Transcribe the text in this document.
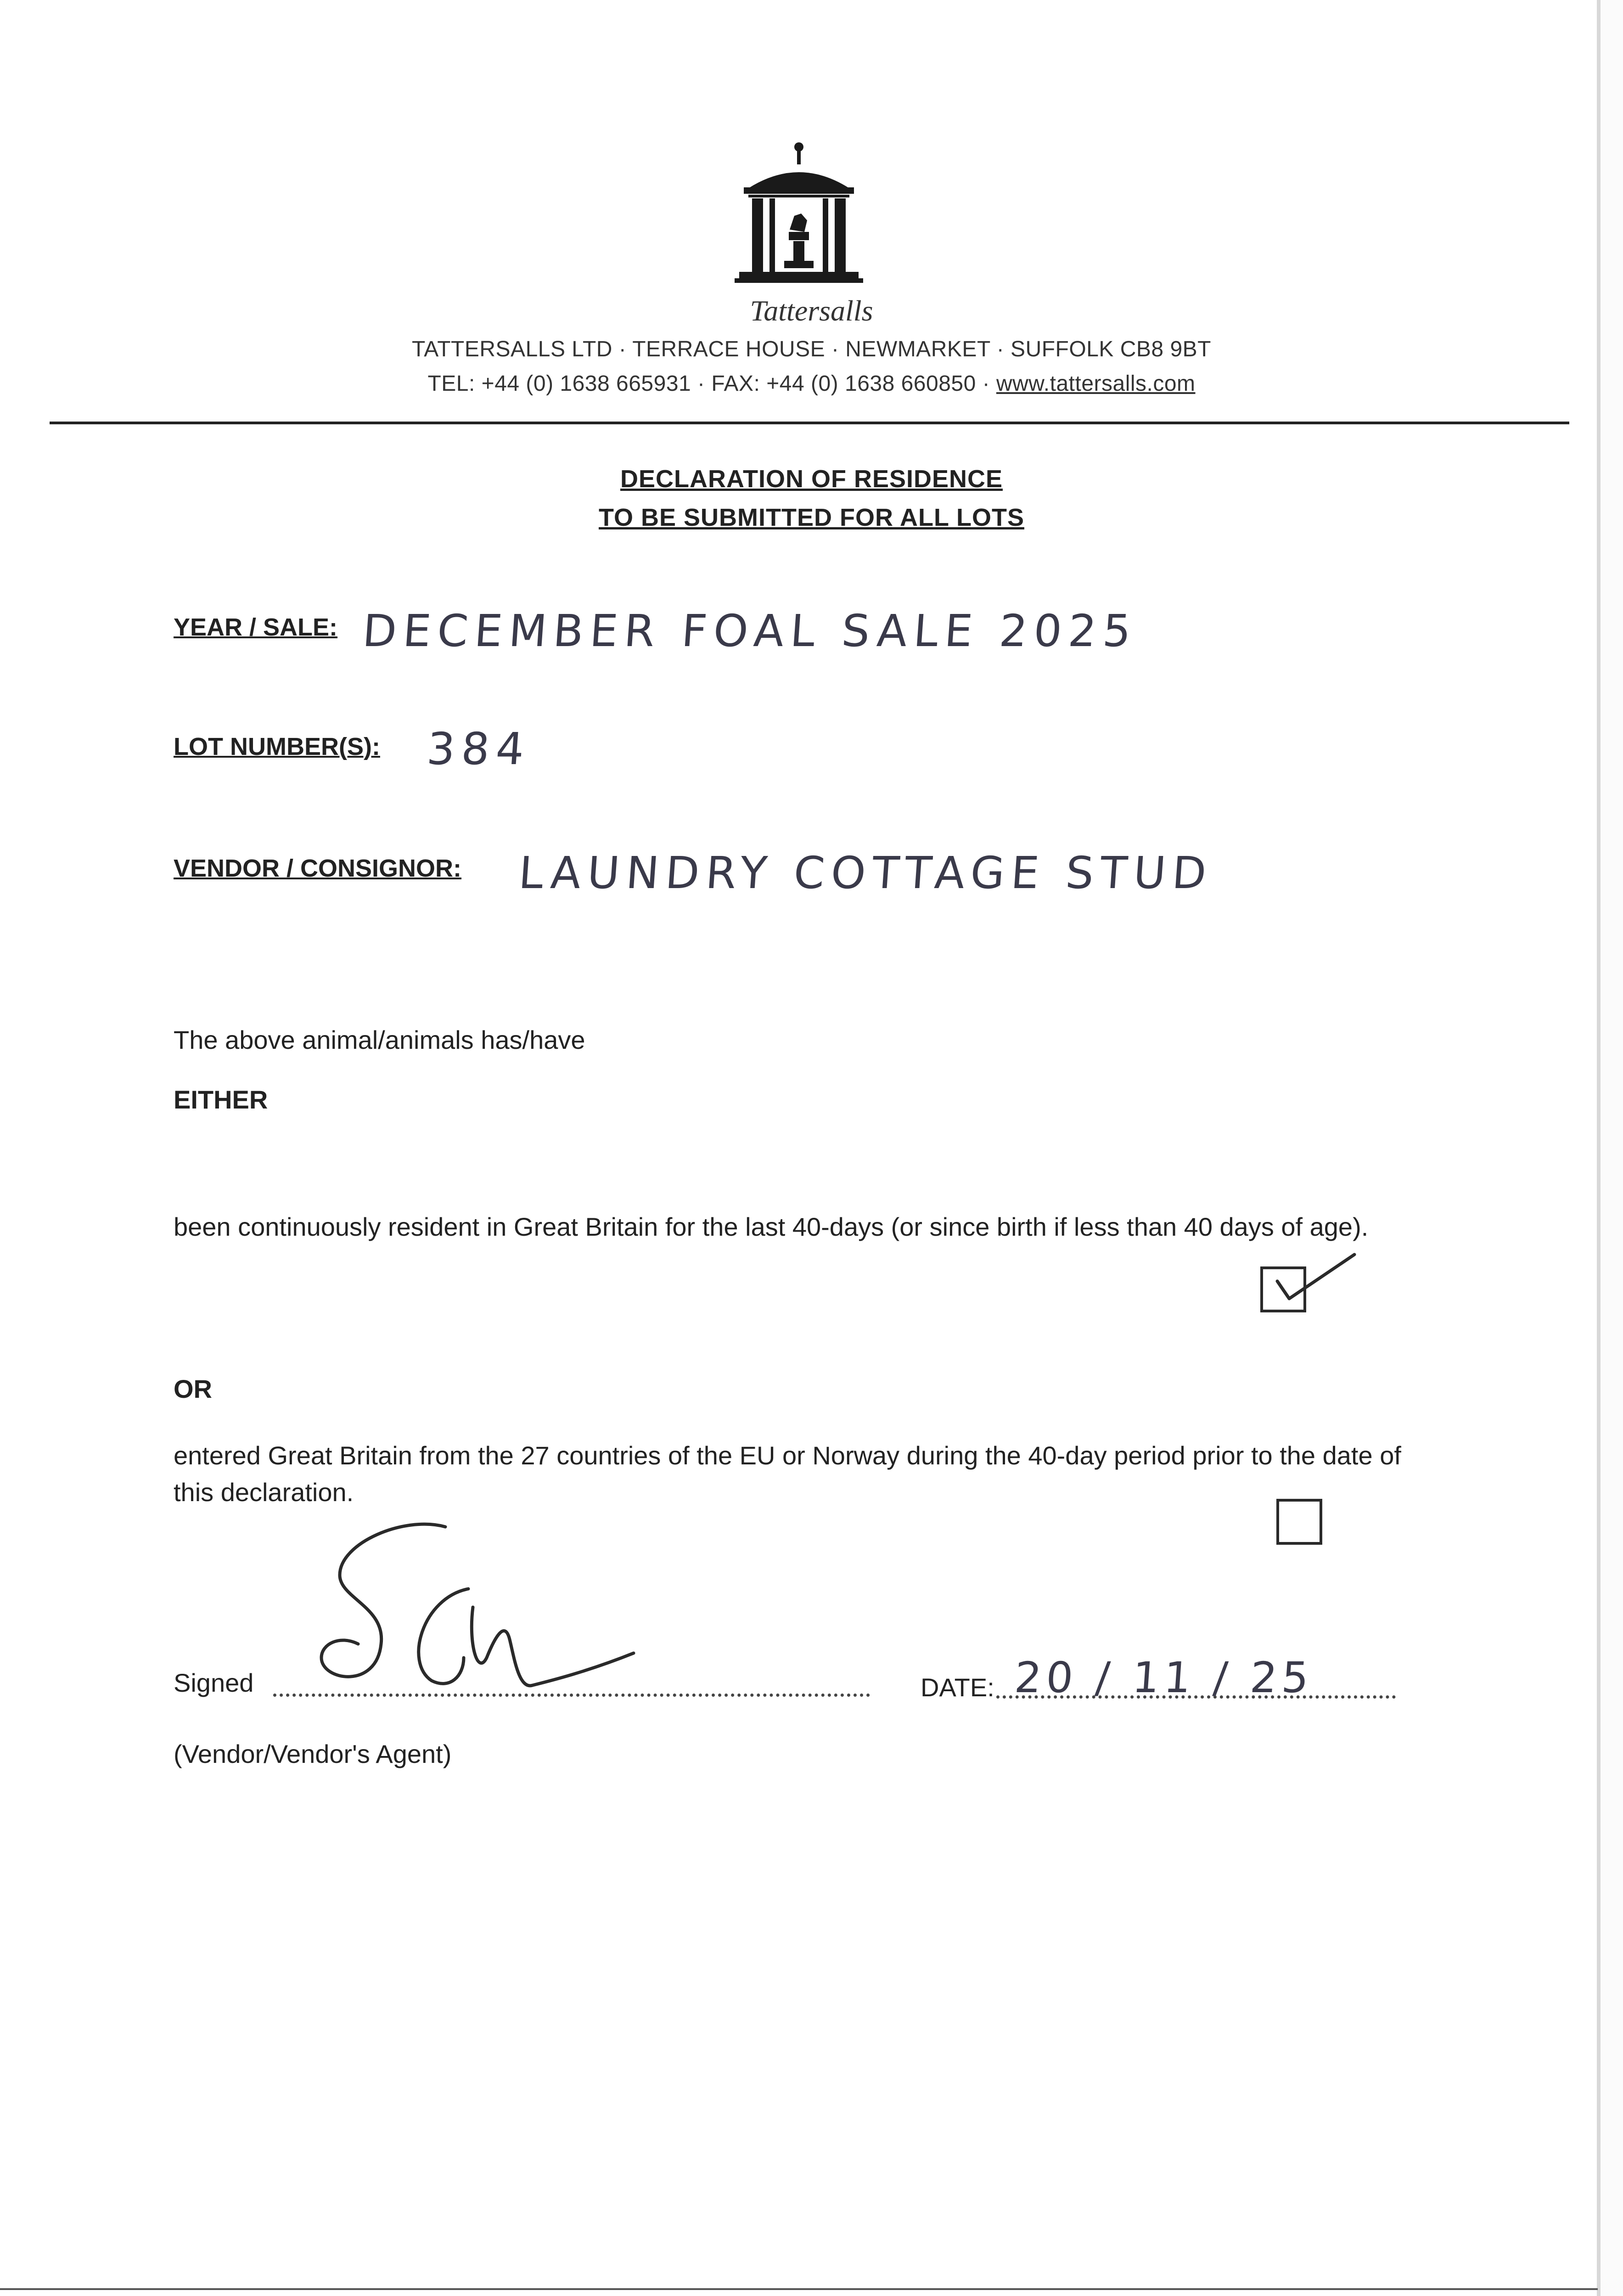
Tattersalls
TATTERSALLS LTD · TERRACE HOUSE · NEWMARKET · SUFFOLK CB8 9BT
TEL: +44 (0) 1638 665931 · FAX: +44 (0) 1638 660850 · www.tattersalls.com
DECLARATION OF RESIDENCE
TO BE SUBMITTED FOR ALL LOTS
YEAR / SALE: DECEMBER FOAL SALE 2025
LOT NUMBER(S): 384
VENDOR / CONSIGNOR: LAUNDRY COTTAGE STUD
The above animal/animals has/have
EITHER
been continuously resident in Great Britain for the last 40-days (or since birth if less than 40 days of age).
OR
entered Great Britain from the 27 countries of the EU or Norway during the 40-day period prior to the date of this declaration.
Signed	DATE: 20 / 11 / 25
(Vendor/Vendor's Agent)
